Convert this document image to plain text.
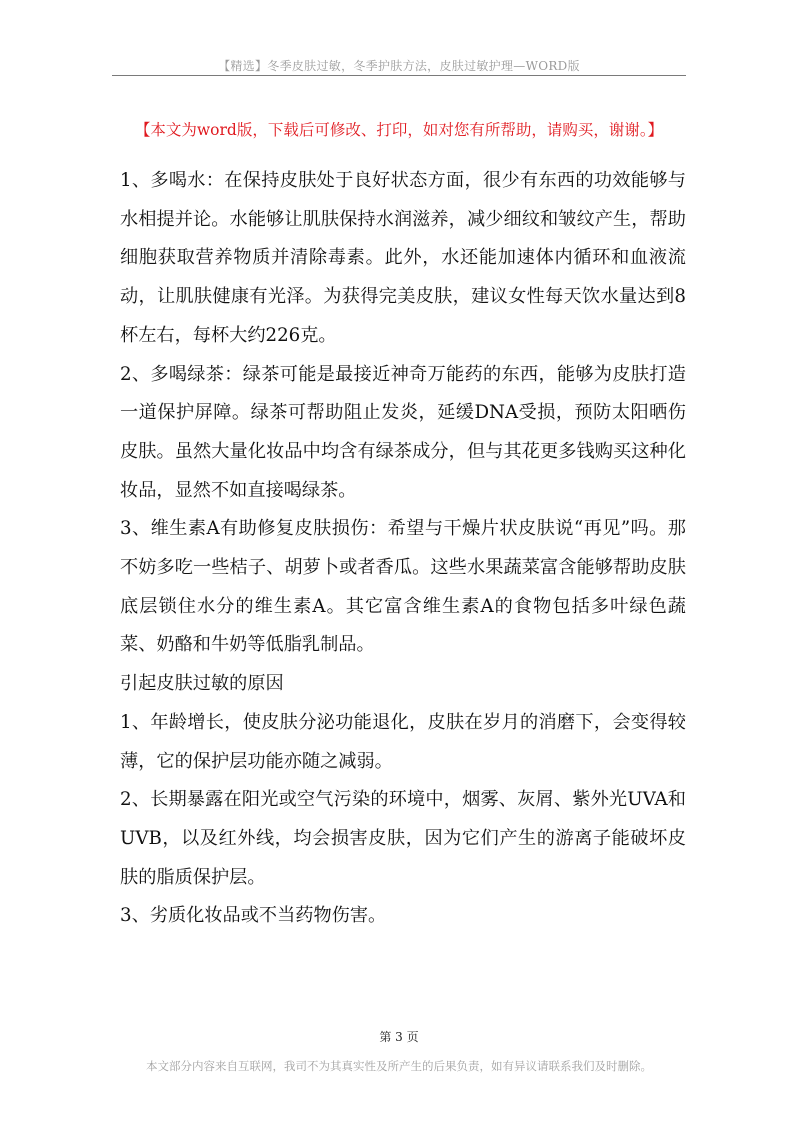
【精选】冬季皮肤过敏，冬季护肤方法，皮肤过敏护理—WORD版
【本文为word版，下载后可修改、打印，如对您有所帮助，请购买，谢谢。】

1、多喝水：在保持皮肤处于良好状态方面，很少有东西的功效能够与水相提并论。水能够让肌肤保持水润滋养，减少细纹和皱纹产生，帮助细胞获取营养物质并清除毒素。此外，水还能加速体内循环和血液流动，让肌肤健康有光泽。为获得完美皮肤，建议女性每天饮水量达到8杯左右，每杯大约226克。

2、多喝绿茶：绿茶可能是最接近神奇万能药的东西，能够为皮肤打造一道保护屏障。绿茶可帮助阻止发炎，延缓DNA受损，预防太阳晒伤皮肤。虽然大量化妆品中均含有绿茶成分，但与其花更多钱购买这种化妆品，显然不如直接喝绿茶。

3、维生素A有助修复皮肤损伤：希望与干燥片状皮肤说“再见”吗。那不妨多吃一些桔子、胡萝卜或者香瓜。这些水果蔬菜富含能够帮助皮肤底层锁住水分的维生素A。其它富含维生素A的食物包括多叶绿色蔬菜、奶酪和牛奶等低脂乳制品。

引起皮肤过敏的原因

1、年龄增长，使皮肤分泌功能退化，皮肤在岁月的消磨下，会变得较薄，它的保护层功能亦随之减弱。

2、长期暴露在阳光或空气污染的环境中，烟雾、灰屑、紫外光UVA和UVB，以及红外线，均会损害皮肤，因为它们产生的游离子能破坏皮肤的脂质保护层。

3、劣质化妆品或不当药物伤害。

第 3 页
本文部分内容来自互联网，我司不为其真实性及所产生的后果负责，如有异议请联系我们及时删除。
